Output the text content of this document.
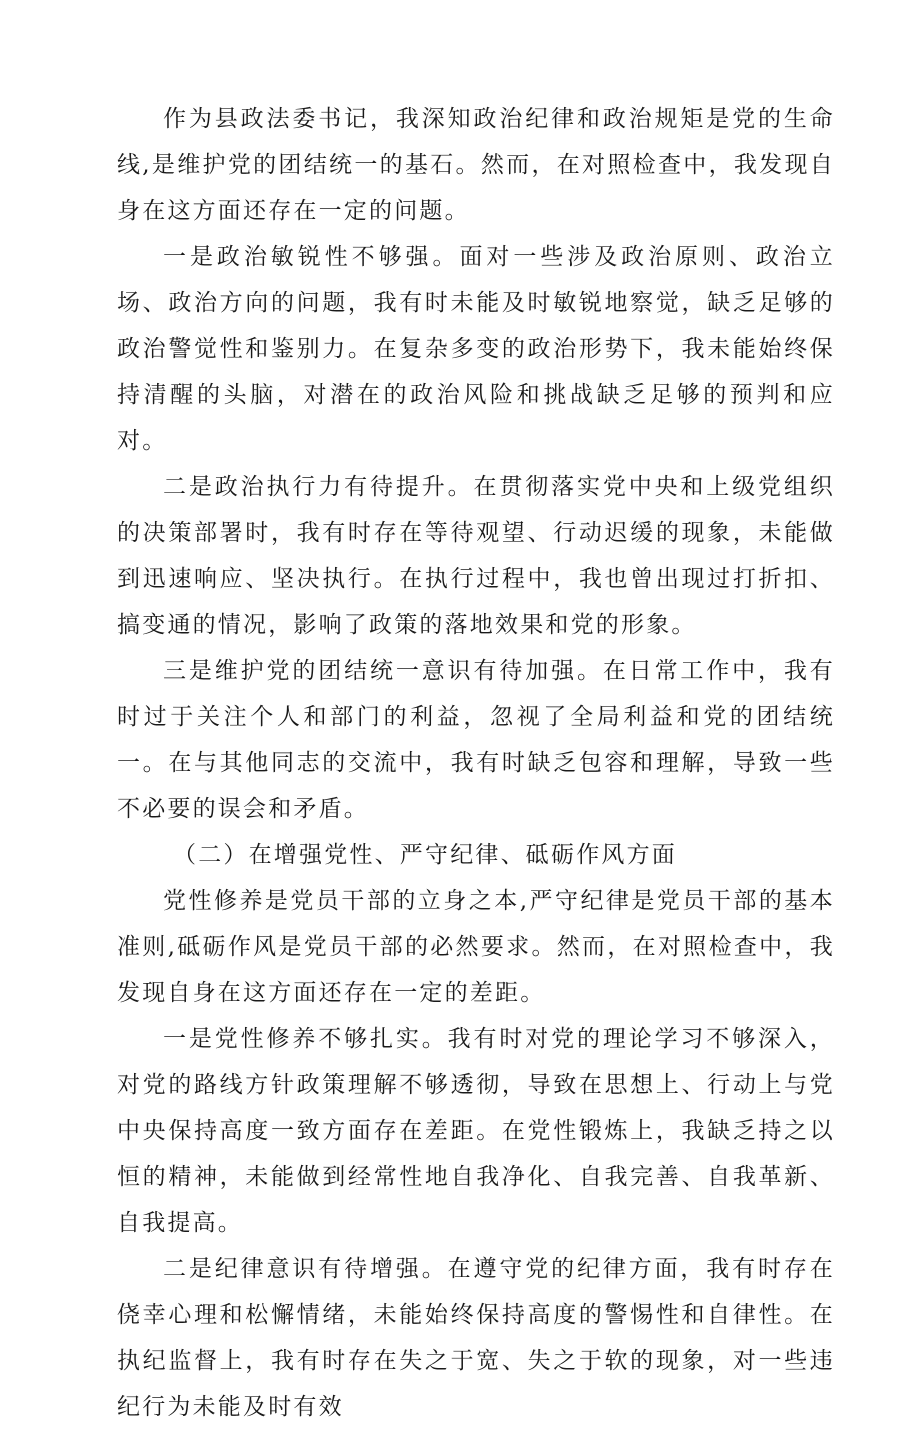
作为县政法委书记，我深知政治纪律和政治规矩是党的生命线,是维护党的团结统一的基石。然而，在对照检查中，我发现自身在这方面还存在一定的问题。

一是政治敏锐性不够强。面对一些涉及政治原则、政治立场、政治方向的问题，我有时未能及时敏锐地察觉，缺乏足够的政治警觉性和鉴别力。在复杂多变的政治形势下，我未能始终保持清醒的头脑，对潜在的政治风险和挑战缺乏足够的预判和应对。

二是政治执行力有待提升。在贯彻落实党中央和上级党组织的决策部署时，我有时存在等待观望、行动迟缓的现象，未能做到迅速响应、坚决执行。在执行过程中，我也曾出现过打折扣、搞变通的情况，影响了政策的落地效果和党的形象。

三是维护党的团结统一意识有待加强。在日常工作中，我有时过于关注个人和部门的利益，忽视了全局利益和党的团结统一。在与其他同志的交流中，我有时缺乏包容和理解，导致一些不必要的误会和矛盾。

（二）在增强党性、严守纪律、砥砺作风方面

党性修养是党员干部的立身之本,严守纪律是党员干部的基本准则,砥砺作风是党员干部的必然要求。然而，在对照检查中，我发现自身在这方面还存在一定的差距。

一是党性修养不够扎实。我有时对党的理论学习不够深入，对党的路线方针政策理解不够透彻，导致在思想上、行动上与党中央保持高度一致方面存在差距。在党性锻炼上，我缺乏持之以恒的精神，未能做到经常性地自我净化、自我完善、自我革新、自我提高。

二是纪律意识有待增强。在遵守党的纪律方面，我有时存在侥幸心理和松懈情绪，未能始终保持高度的警惕性和自律性。在执纪监督上，我有时存在失之于宽、失之于软的现象，对一些违纪行为未能及时有效
